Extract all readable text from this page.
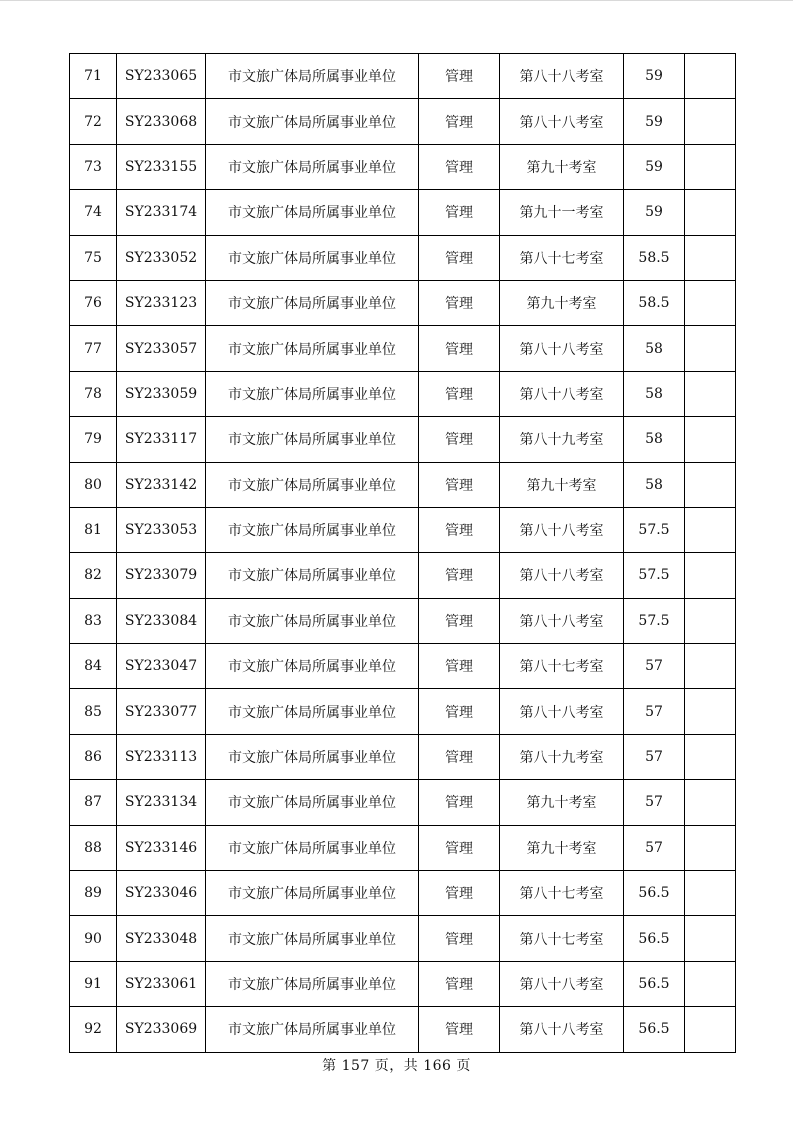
71	SY233065	市文旅广体局所属事业单位	管理	第八十八考室	59	
72	SY233068	市文旅广体局所属事业单位	管理	第八十八考室	59	
73	SY233155	市文旅广体局所属事业单位	管理	第九十考室	59	
74	SY233174	市文旅广体局所属事业单位	管理	第九十一考室	59	
75	SY233052	市文旅广体局所属事业单位	管理	第八十七考室	58.5	
76	SY233123	市文旅广体局所属事业单位	管理	第九十考室	58.5	
77	SY233057	市文旅广体局所属事业单位	管理	第八十八考室	58	
78	SY233059	市文旅广体局所属事业单位	管理	第八十八考室	58	
79	SY233117	市文旅广体局所属事业单位	管理	第八十九考室	58	
80	SY233142	市文旅广体局所属事业单位	管理	第九十考室	58	
81	SY233053	市文旅广体局所属事业单位	管理	第八十八考室	57.5	
82	SY233079	市文旅广体局所属事业单位	管理	第八十八考室	57.5	
83	SY233084	市文旅广体局所属事业单位	管理	第八十八考室	57.5	
84	SY233047	市文旅广体局所属事业单位	管理	第八十七考室	57	
85	SY233077	市文旅广体局所属事业单位	管理	第八十八考室	57	
86	SY233113	市文旅广体局所属事业单位	管理	第八十九考室	57	
87	SY233134	市文旅广体局所属事业单位	管理	第九十考室	57	
88	SY233146	市文旅广体局所属事业单位	管理	第九十考室	57	
89	SY233046	市文旅广体局所属事业单位	管理	第八十七考室	56.5	
90	SY233048	市文旅广体局所属事业单位	管理	第八十七考室	56.5	
91	SY233061	市文旅广体局所属事业单位	管理	第八十八考室	56.5	
92	SY233069	市文旅广体局所属事业单位	管理	第八十八考室	56.5	
第 157 页，共 166 页
